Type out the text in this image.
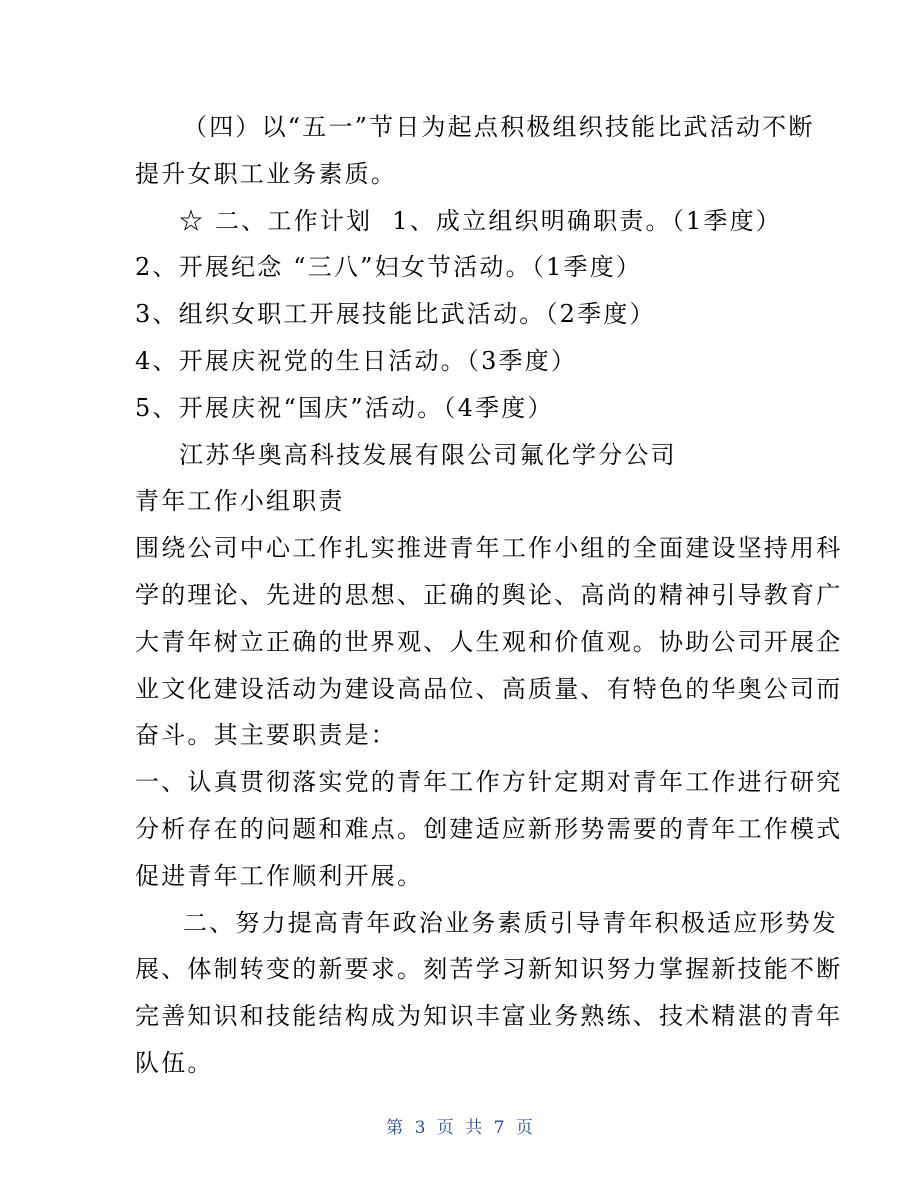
（四）以“五一”节日为起点积极组织技能比武活动不断

提升女职工业务素质。

☆ 二、工作计划 1、成立组织明确职责。（1季度）

2、开展纪念 “三八”妇女节活动。（1季度）

3、组织女职工开展技能比武活动。（2季度）

4、开展庆祝党的生日活动。（3季度）

5、开展庆祝“国庆”活动。（4季度）

江苏华奥高科技发展有限公司氟化学分公司

青年工作小组职责

围绕公司中心工作扎实推进青年工作小组的全面建设坚持用科

学的理论、先进的思想、正确的舆论、高尚的精神引导教育广

大青年树立正确的世界观、人生观和价值观。协助公司开展企

业文化建设活动为建设高品位、高质量、有特色的华奥公司而

奋斗。其主要职责是：

一、认真贯彻落实党的青年工作方针定期对青年工作进行研究

分析存在的问题和难点。创建适应新形势需要的青年工作模式

促进青年工作顺利开展。

二、努力提高青年政治业务素质引导青年积极适应形势发

展、体制转变的新要求。刻苦学习新知识努力掌握新技能不断

完善知识和技能结构成为知识丰富业务熟练、技术精湛的青年

队伍。

第 3 页 共 7 页
